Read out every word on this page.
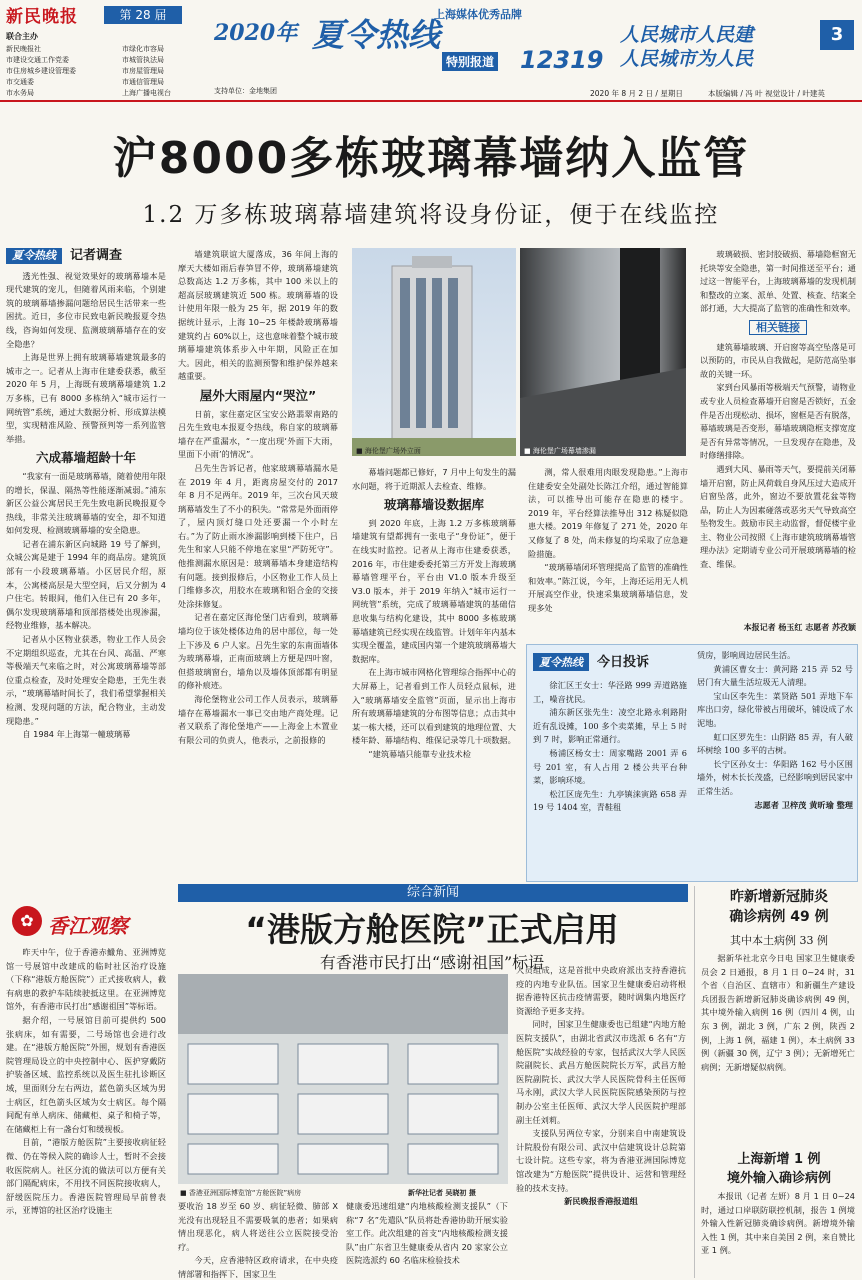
新民晚报	第 28 届
联合主办
新民晚报社
市建设交通工作党委
市住房城乡建设管理委
市交通委
市水务局
市绿化市容局
市城管执法局
市房屋管理局
市通信管理局
上海广播电视台	支持单位：金地集团
2020年 夏令热线
上海媒体优秀品牌
特别报道 12319
人民城市人民建
人民城市为人民
3
2020 年 8 月 2 日 / 星期日	本版编辑 / 冯 叶 视觉设计 / 叶建英
沪8000多栋玻璃幕墙纳入监管
1.2 万多栋玻璃幕墙建筑将设身份证，便于在线监控
夏令热线 记者调查

透光性强、视觉效果好的玻璃幕墙本是现代建筑的宠儿，但随着风雨来临，个别建筑的玻璃幕墙掺漏问题给居民生活带来一些困扰。近日，多位市民致电新民晚报夏令热线，咨询如何发现、监测玻璃幕墙存在的安全隐患？

上海是世界上拥有玻璃幕墙建筑最多的城市之一。记者从上海市住建委获悉，截至 2020 年 5 月，上海既有玻璃幕墙建筑 1.2 万多栋，已有 8000 多栋纳入“城市运行一网统管”系统，通过大数据分析、形成算法模型，实现精准风险、预警预判等一系列监管举措。

六成幕墙超龄十年

“我家有一面是玻璃幕墙，随着使用年限的增长，保温、隔热等性能逐渐减弱。”浦东新区公益公寓居民王先生致电新民晚报夏令热线，非常关注玻璃幕墙的安全，却不知道如何发现、检测玻璃幕墙的安全隐患。

记者在浦东新区向城路 19 号了解到，众城公寓是建于 1994 年的商品房。建筑顶部有一小段玻璃幕墙。小区居民介绍，原本，公寓楼高层是大型空间，后又分割为 4 户住宅。转眼间，他们入住已有 20 多年，偶尔发现玻璃幕墙和顶部搭楼处出现渗漏，经物业维修，基本解决。

记者从小区物业获悉，物业工作人员会不定期组织巡查，尤其在台风、高温、严寒等极端天气来临之时，对公寓玻璃幕墙等部位重点检查，及时处理安全隐患，王先生表示，“玻璃幕墙时间长了，我们希望掌握相关检测、发现问题的方法，配合物业，主动发现隐患。”

自 1984 年上海第一幢玻璃幕

墙建筑联谊大厦落成，36 年间上海的摩天大楼如雨后春笋冒不停，玻璃幕墙建筑总数高达 1.2 万多栋，其中 100 米以上的超高层玻璃建筑近 500 栋。玻璃幕墙的设计使用年限一般为 25 年，据 2019 年的数据统计显示，上海 10~25 年楼龄玻璃幕墙建筑约占 60%以上，这也意味着整个城市玻璃幕墙建筑体系步入中年期，风险正在加大。因此，相关的监测预警和维护保养越来越重要。

屋外大雨屋内“哭泣”

日前，家住嘉定区宝安公路翡翠南路的吕先生致电本报夏令热线，称自家的玻璃幕墙存在严重漏水，“一度出现‘外面下大雨，里面下小雨’的情况”。

吕先生告诉记者，他家玻璃幕墙漏水是在 2019 年 4 月，距离房屋交付的 2017 年 8 月不足两年。2019 年，三次台风天玻璃幕墙发生了不小的积失。“常常是外面雨停了，屋内顶灯缝口处还要漏一个小时左右。”为了防止雨水渗漏影响到楼下住户，吕先生和家人只能不停地在家里“严防死守”。他推测漏水原因是：玻璃幕墙本身建造结构有问题。接到报修后，小区物业工作人员上门维修多次，用胶水在玻璃和铝合金的交接处涂抹修复。

记者在嘉定区海伦堡门店看到，玻璃幕墙均位于该处楼体边角的居中部位，每一处上下涉及 6 户人家。吕先生家的东南面墙体为玻璃幕墙，正南面玻璃上方便是四叶窗，但搭玻璃窗台，墙角以及墙体顶部都有明显的修补痕迹。

海伦堡物业公司工作人员表示，玻璃幕墙存在幕墙漏水一事已交由地产商处理。记者又联系了海伦堡地产——上海金上木置业有限公司的负责人，他表示，之前报修的

■ 海伦堡广场外立面	■ 海伦堡广场幕墙渗漏

幕墙问题都已修好，7 月中上旬发生的漏水问题，将于近期派人去检查、维修。

玻璃幕墙设数据库

到 2020 年底，上海 1.2 万多栋玻璃幕墙建筑有望都拥有一张电子“身份证”，便于在线实时监控。记者从上海市住建委获悉，2016 年，市住建委委托第三方开发上海玻璃幕墙管理平台，平台由 V1.0 版本升级至 V3.0 版本，并于 2019 年纳入“城市运行一网统管”系统，完成了玻璃幕墙建筑的基础信息收集与结构化建设，其中 8000 多栋玻璃幕墙建筑已经实现在线监管。计划年年内基本实现全覆盖，建成国内第一个建筑玻璃幕墙大数据库。

在上海市城市网格化管理综合指挥中心的大屏幕上，记者看到工作人员轻点鼠标，进入“玻璃幕墙安全监管”页面，显示出上海市所有玻璃幕墙建筑的分布图等信息；点击其中某一栋大楼，还可以看到建筑的地理位置、大楼年龄、幕墙结构、维保记录等几十项数据。

“建筑幕墙只能靠专业技术检

测，常人很难用肉眼发现隐患。”上海市住建委安全处副处长陈江介绍，通过智能算法，可以推导出可能存在隐患的楼宇。2019 年，平台经算法推导出 312 栋疑似隐患大楼。2019 年修复了 271 处，2020 年又修复了 8 处，尚未修复的均采取了应急避险措施。

“玻璃幕墙闭环管理提高了监管的准确性和效率。”陈江说，今年，上海还运用无人机开展高空作业，快速采集玻璃幕墙信息，发现多处

玻璃破损、密封胶破损、幕墙隐框窗无托块等安全隐患，第一时间推送至平台；通过这一智能平台，上海玻璃幕墙的发现机制和整改的立案、派单、处置、核查、结案全部打通，大大提高了监管的准确性和效率。

相关链接

建筑幕墙玻璃、开启窗等高空坠落是可以预防的，市民从自我做起，是防范高坠事故的关键一环。

家到台风暴雨等极端天气预警，请物业或专业人员检查幕墙开启窗是否锁好，五金件是否出现松动、损坏，窗框是否有脱落，幕墙玻璃是否变形，幕墙玻璃隐框支撑宽度是否有异常等情况，一旦发现存在隐患，及时修缮排除。

遇到大风、暴雨等天气，要提前关闭幕墙开启窗，防止风荷载自身风压过大造成开启窗坠落，此外，窗边不要放置花盆等物品，防止人为因素碰落或恶劣天气导致高空坠物发生。鼓励市民主动监督，督促楼宇业主、物业公司按照《上海市建筑玻璃幕墙管理办法》定期请专业公司开展玻璃幕墙的检查、维保。

本报记者 杨玉红 志愿者 苏孜颖
夏令热线 今日投诉

徐汇区王女士：华泾路 999 弄道路施工，噪音扰民。

浦东新区张先生：凌空北路永利路附近有乱设摊，100 多个卖菜摊，早上 5 时到 7 时，影响正常通行。

杨浦区杨女士：周家嘴路 2001 弄 6 号 201 室，有人占用 2 楼公共平台种菜，影响环境。

松江区庞先生：九亭镇涞寅路 658 弄 19 号 1404 室，青鞋租

赁房，影响周边居民生活。

黄浦区曹女士：黄河路 215 弄 52 号居门有大量生活垃圾无人清理。

宝山区李先生：菜贤路 501 弄地下车库出口旁，绿化带被占用破坏，铺设成了水泥地。

虹口区罗先生：山阴路 85 弄，有人破坏树绘 100 多平的古树。

长宁区孙女士：华阳路 162 号小区围墙外，树木长长茂盛，已经影响到居民家中正常生活。

志愿者 卫梓茂 黄昕瑜 整理

综合新闻
✿ 香江观察	“港版方舱医院”正式启用
有香港市民打出“感谢祖国”标语

昨天中午，位于香港赤鱲角、亚洲博览馆一号展馆中改建成的临时社区治疗设施（下称“港版方舱医院”）正式接收病人，截有病患的救护车陆续驶抵这里。在亚洲博览馆外，有香港市民打出“感谢祖国”等标语。

据介绍，一号展馆目前可提供约 500 张病床，如有需要，二号场馆也会进行改建。在“港版方舱医院”外围，规划有香港医院管理局设立的中央控制中心、医护穿戴防护装备区域、监控系统以及医生驻扎诊断区域，里面则分左右两边，蓝色箭头区域为男士病区，红色箭头区域为女士病区。每个隔间配有单人病床、储藏柜、桌子和椅子等，在储藏柜上有一盏台灯和缓视板。

目前，“港版方舱医院”主要接收病征轻微、仍在等候入院的确诊人士，暂时不会接收医院病人。社区分流的做法可以方便有关部门隔配病床，不用找不同医院接收病人，舒缓医院压力。香港医院管理局早前曾表示，亚博馆的社区治疗设施主

■ 香港亚洲国际博览馆“方舱医院”病房	新华社记者 吴晓初 摄

要收治 18 岁至 60 岁、病征轻微、肺部 X 光没有出现轻且不需要吸氧的患者；如果病情出现恶化，病人将送往公立医院接受治疗。

今天，应香港特区政府请求，在中央疫情部署和指挥下，国家卫生

健康委迅速组建“内地核酸检测支援队”（下称“7 名”先遣队”队员将赴香港协助开展实验室工作。此次组建的首支“内地核酸检测支援队”由广东省卫生健康委从省内 20 家家公立医院选派约 60 名临床检验技术

人员组成，这是首批中央政府派出支持香港抗疫的内地专业队伍。国家卫生健康委启动将根据香港特区抗击疫情需要，随时调集内地医疗资源给予更多支持。

同时，国家卫生健康委也已组建“内地方舱医院支援队”，由湖北省武汉市选派 6 名有“方舱医院”实战经验的专家，包括武汉大学人民医院副院长、武昌方舱医院院长万军，武昌方舱医院副院长、武汉大学人民医院骨科主任医师马永刚，武汉大学人民医院医院感染预防与控制办公室主任医师、武汉大学人民医院护理部副主任刘莉。

支援队另两位专家，分别来自中南建筑设计院股份有限公司、武汉中信建筑设计总院第七设计院。这些专家，将为香港亚洲国际博览馆改建为“方舱医院”提供设计、运营和管理经验的技术支持。

新民晚报香港报道组

昨新增新冠肺炎
确诊病例 49 例
其中本土病例 33 例

据新华社北京今日电 国家卫生健康委员会 2 日通报，8 月 1 日 0~24 时，31 个省（自治区、直辖市）和新疆生产建设兵团报告新增新冠肺炎确诊病例 49 例，其中境外输入病例 16 例（四川 4 例，山东 3 例，湖北 3 例，广东 2 例，陕西 2 例，上海 1 例，福建 1 例），本土病例 33 例（新疆 30 例，辽宁 3 例）；无新增死亡病例；无新增疑似病例。

上海新增 1 例
境外输入确诊病例

本报讯（记者 左妍）8 月 1 日 0~24 时，通过口岸联防联控机制，报告 1 例境外输入性新冠肺炎确诊病例。新增境外输入性 1 例，其中来自美国 2 例，来自赞比亚 1 例。
